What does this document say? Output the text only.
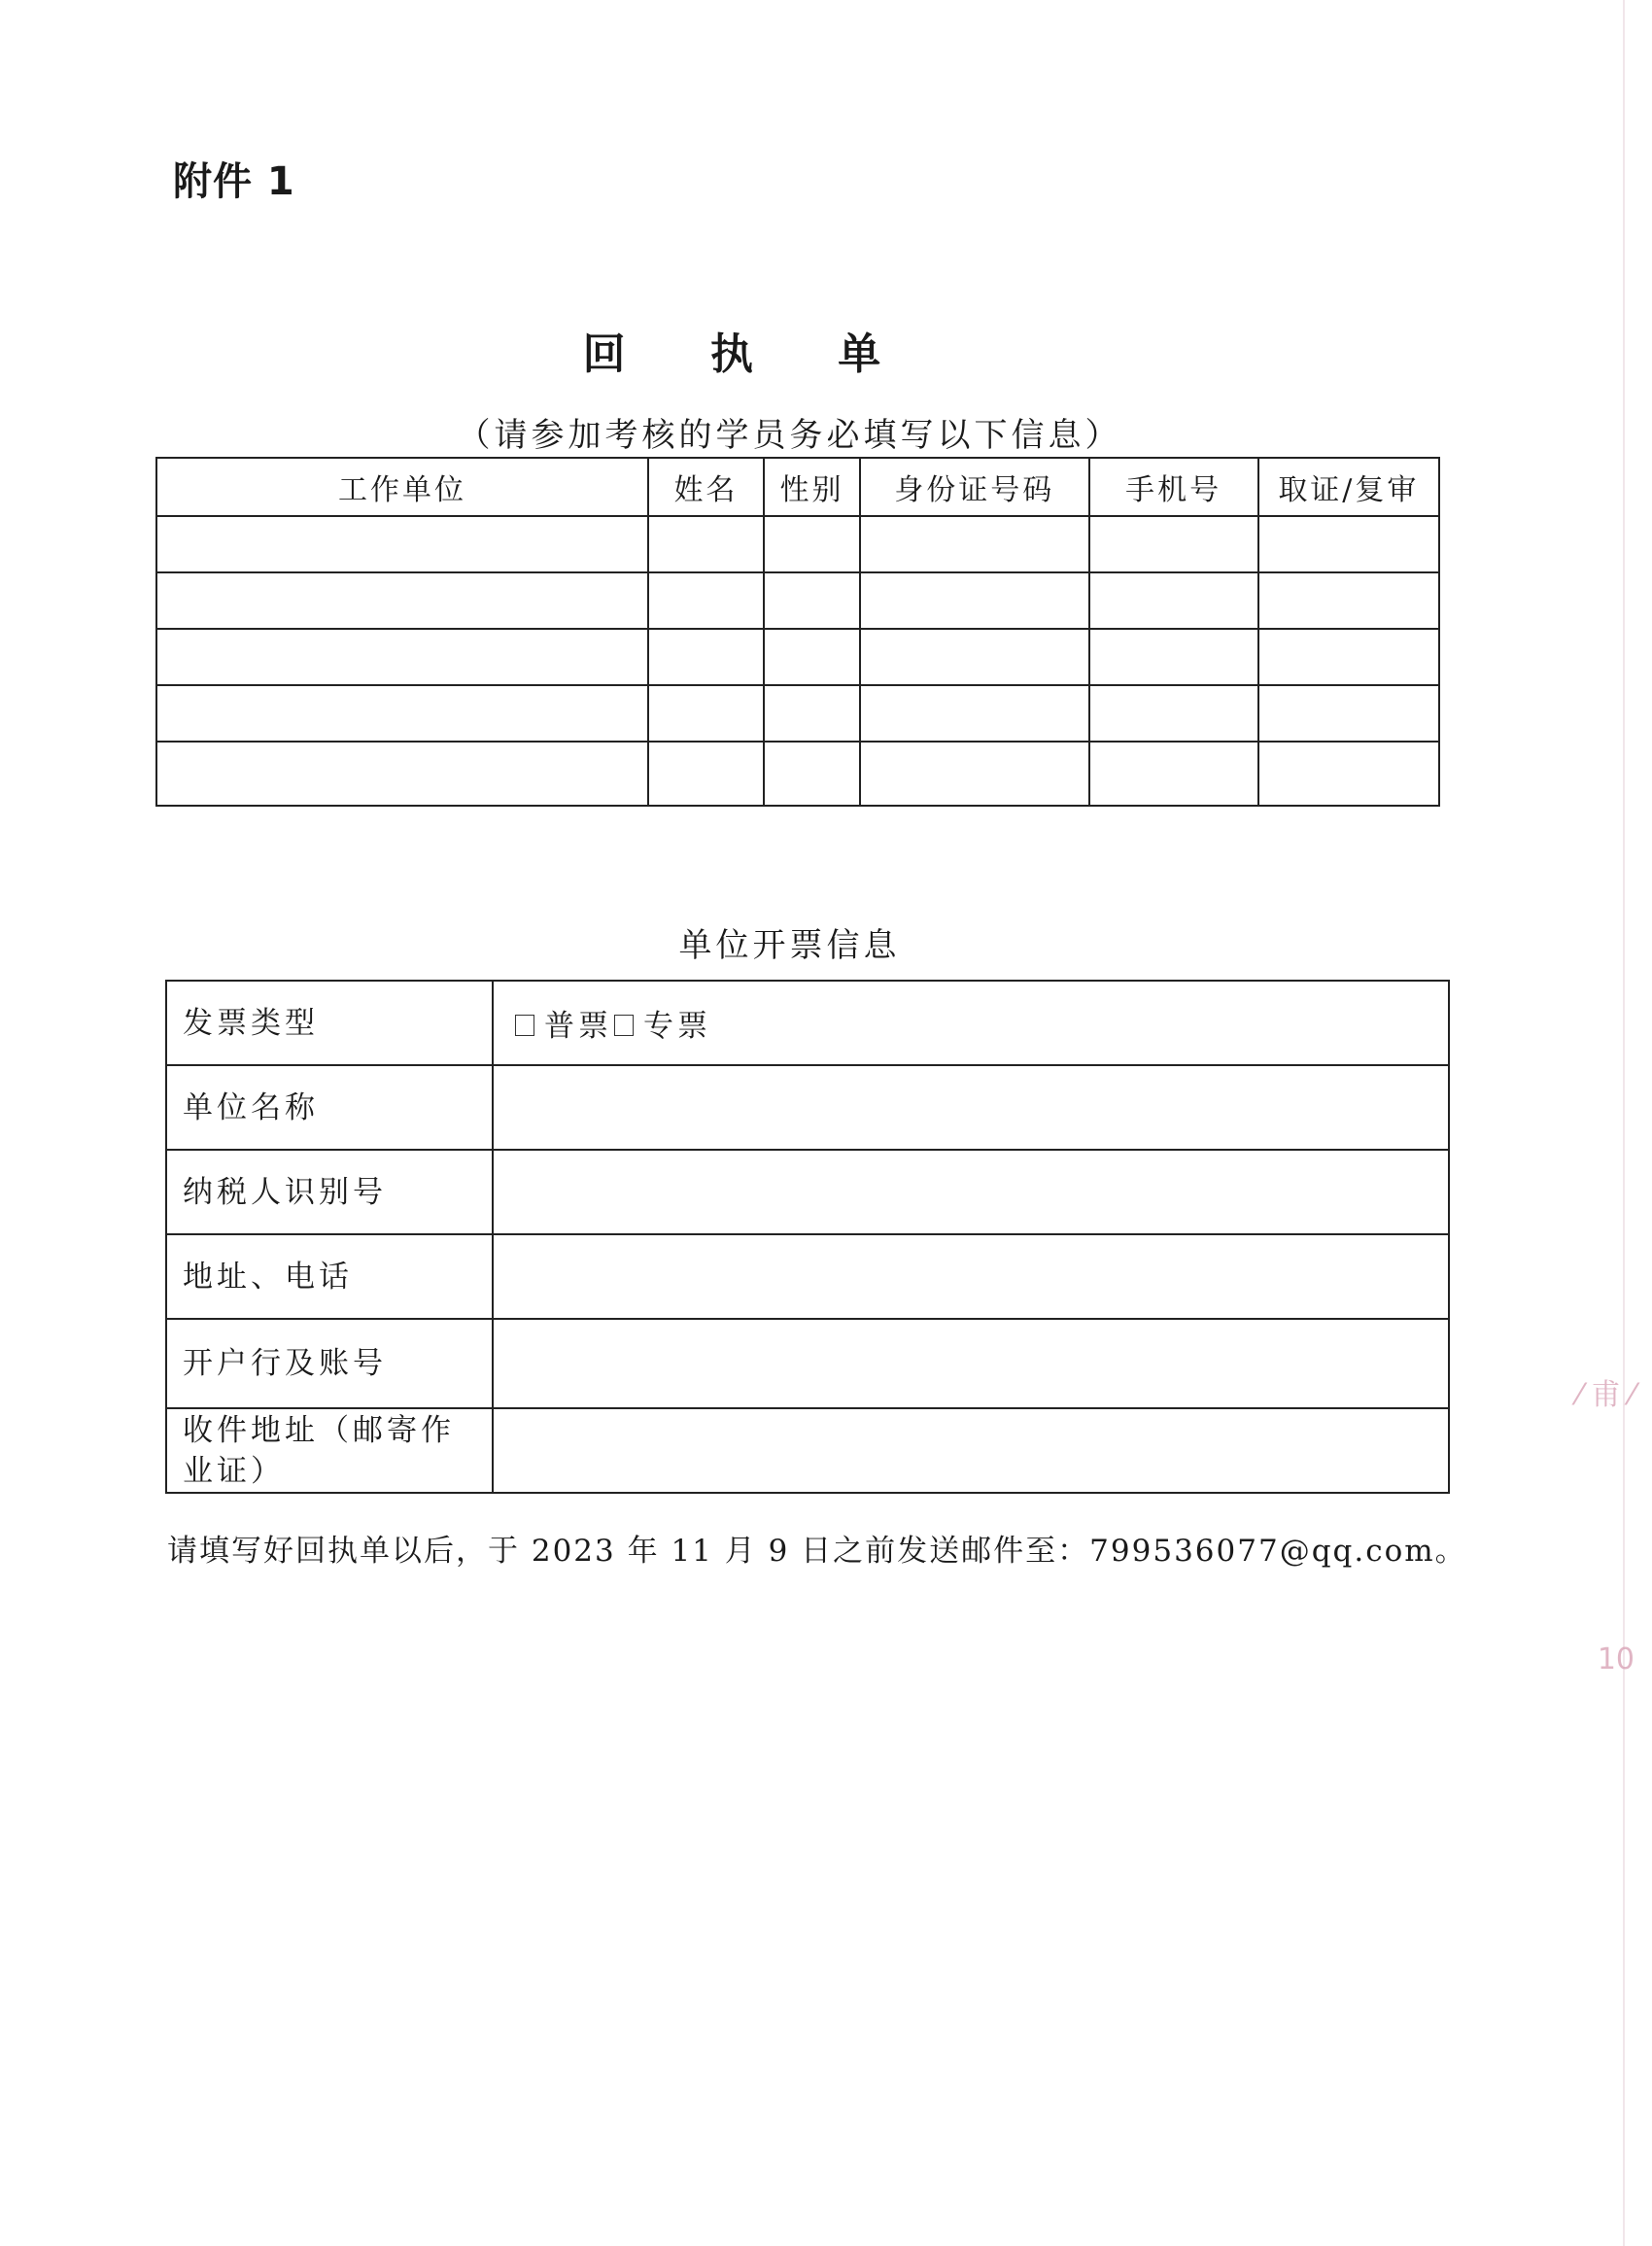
⁄ 甫 ⁄
10
附件 1
回 执 单
（请参加考核的学员务必填写以下信息）
工作单位	姓名	性别	身份证号码	手机号	取证/复审

单位开票信息
发票类型	普票 专票
单位名称	
纳税人识别号	
地址、电话	
开户行及账号	
收件地址（邮寄作业证）	
请填写好回执单以后，于 2023 年 11 月 9 日之前发送邮件至：799536077@qq.com。
